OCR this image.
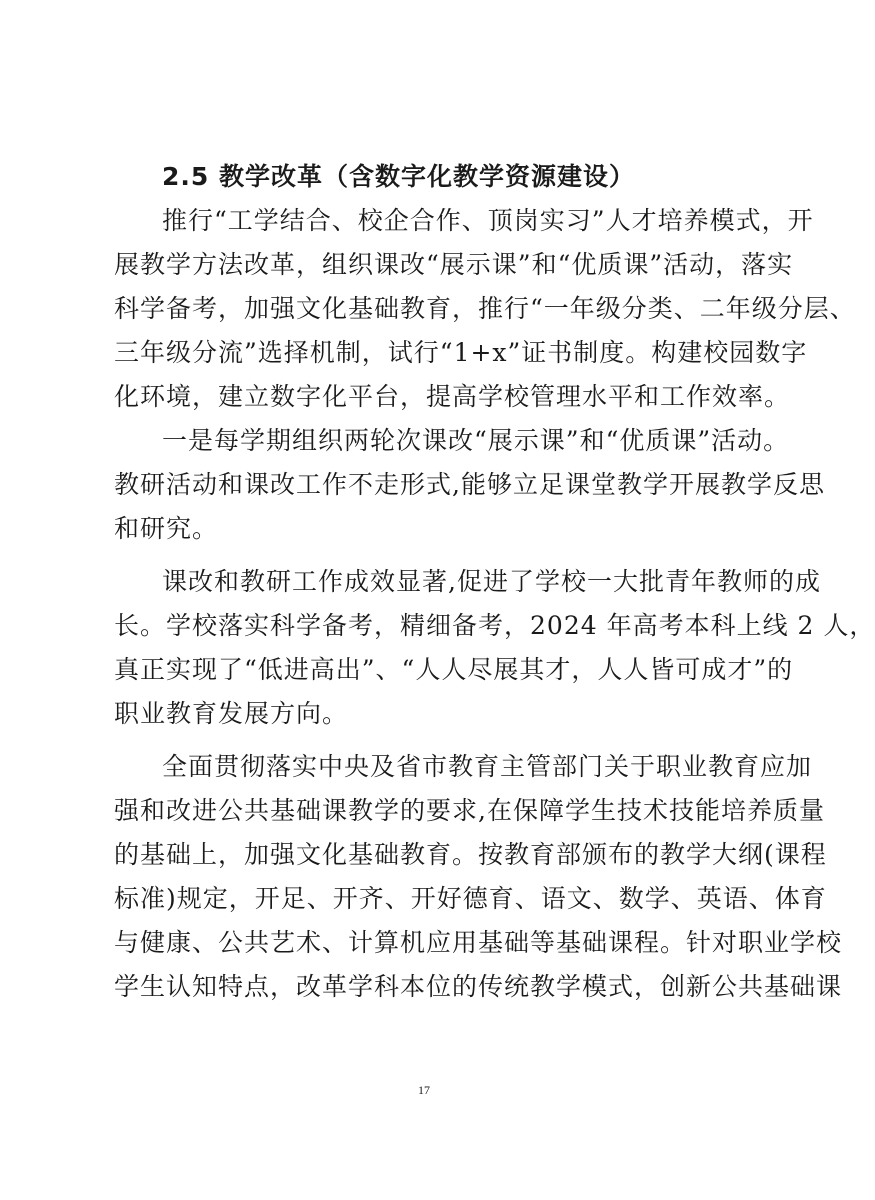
2.5 教学改革（含数字化教学资源建设）
推行“工学结合、校企合作、顶岗实习”人才培养模式，开
展教学方法改革，组织课改“展示课”和“优质课”活动，落实
科学备考，加强文化基础教育，推行“一年级分类、二年级分层、
三年级分流”选择机制，试行“1+x”证书制度。构建校园数字
化环境，建立数字化平台，提高学校管理水平和工作效率。
一是每学期组织两轮次课改“展示课”和“优质课”活动。
教研活动和课改工作不走形式,能够立足课堂教学开展教学反思
和研究。
课改和教研工作成效显著,促进了学校一大批青年教师的成
长。学校落实科学备考，精细备考，2024 年高考本科上线 2 人，
真正实现了“低进高出”、“人人尽展其才，人人皆可成才”的
职业教育发展方向。
全面贯彻落实中央及省市教育主管部门关于职业教育应加
强和改进公共基础课教学的要求,在保障学生技术技能培养质量
的基础上，加强文化基础教育。按教育部颁布的教学大纲(课程
标准)规定，开足、开齐、开好德育、语文、数学、英语、体育
与健康、公共艺术、计算机应用基础等基础课程。针对职业学校
学生认知特点，改革学科本位的传统教学模式，创新公共基础课
17
